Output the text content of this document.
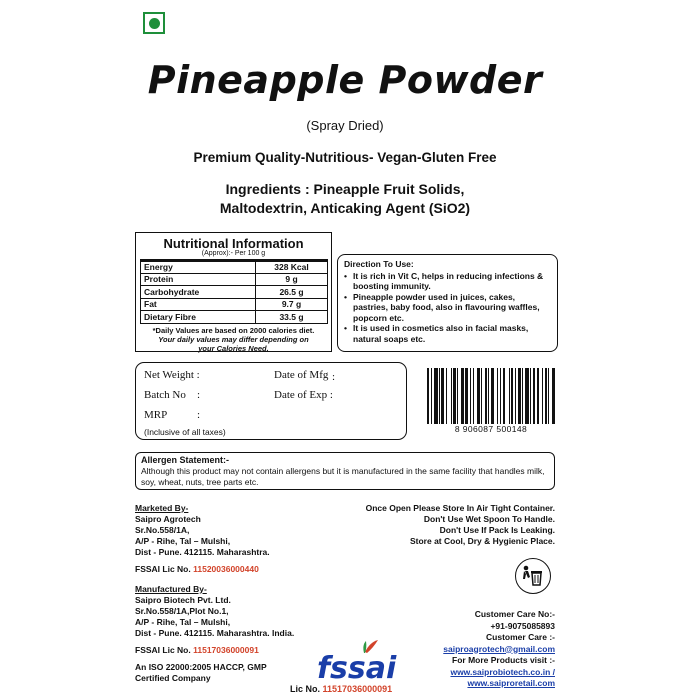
Pineapple Powder
(Spray Dried)
Premium Quality-Nutritious- Vegan-Gluten Free
Ingredients : Pineapple Fruit Solids,
Maltodextrin, Anticaking Agent (SiO2)
Nutritional Information
(Approx):- Per 100 g
Energy	328 Kcal
Protein	9 g
Carbohydrate	26.5 g
Fat	9.7 g
Dietary Fibre	33.5 g
*Daily Values are based on 2000 calories diet.
Your daily values may differ depending on
your Calories Need.
Direction To Use:
• It is rich in Vit C, helps in reducing infections & boosting immunity.
• Pineapple powder used in juices, cakes, pastries, baby food, also in flavouring waffles, popcorn etc.
• It is used in cosmetics also in facial masks, natural soaps etc.
Net Weight :
Batch No :
MRP	:
(Inclusive of all taxes)
Date of Mfg :
Date of Exp :
8 906087 500148
Allergen Statement:-
Although this product may not contain allergens but it is manufactured in the same facility that handles milk, soy, wheat, nuts, tree parts etc.
Marketed By-
Saipro Agrotech
Sr.No.558/1A,
A/P - Rihe, Tal – Mulshi,
Dist - Pune. 412115. Maharashtra.
FSSAI Lic No. 11520036000440
Manufactured By-
Saipro Biotech Pvt. Ltd.
Sr.No.558/1A,Plot No.1,
A/P - Rihe, Tal – Mulshi,
Dist - Pune. 412115. Maharashtra. India.
FSSAI Lic No. 11517036000091
An ISO 22000:2005 HACCP, GMP
Certified Company
Once Open Please Store In Air Tight Container.
Don't Use Wet Spoon To Handle.
Don't Use If Pack Is Leaking.
Store at Cool, Dry & Hygienic Place.
fssai
Lic No. 11517036000091
Customer Care No:-
+91-9075085893
Customer Care :-
saiproagrotech@gmail.com
For More Products visit :-
www.saiprobiotech.co.in /
www.saiproretail.com
